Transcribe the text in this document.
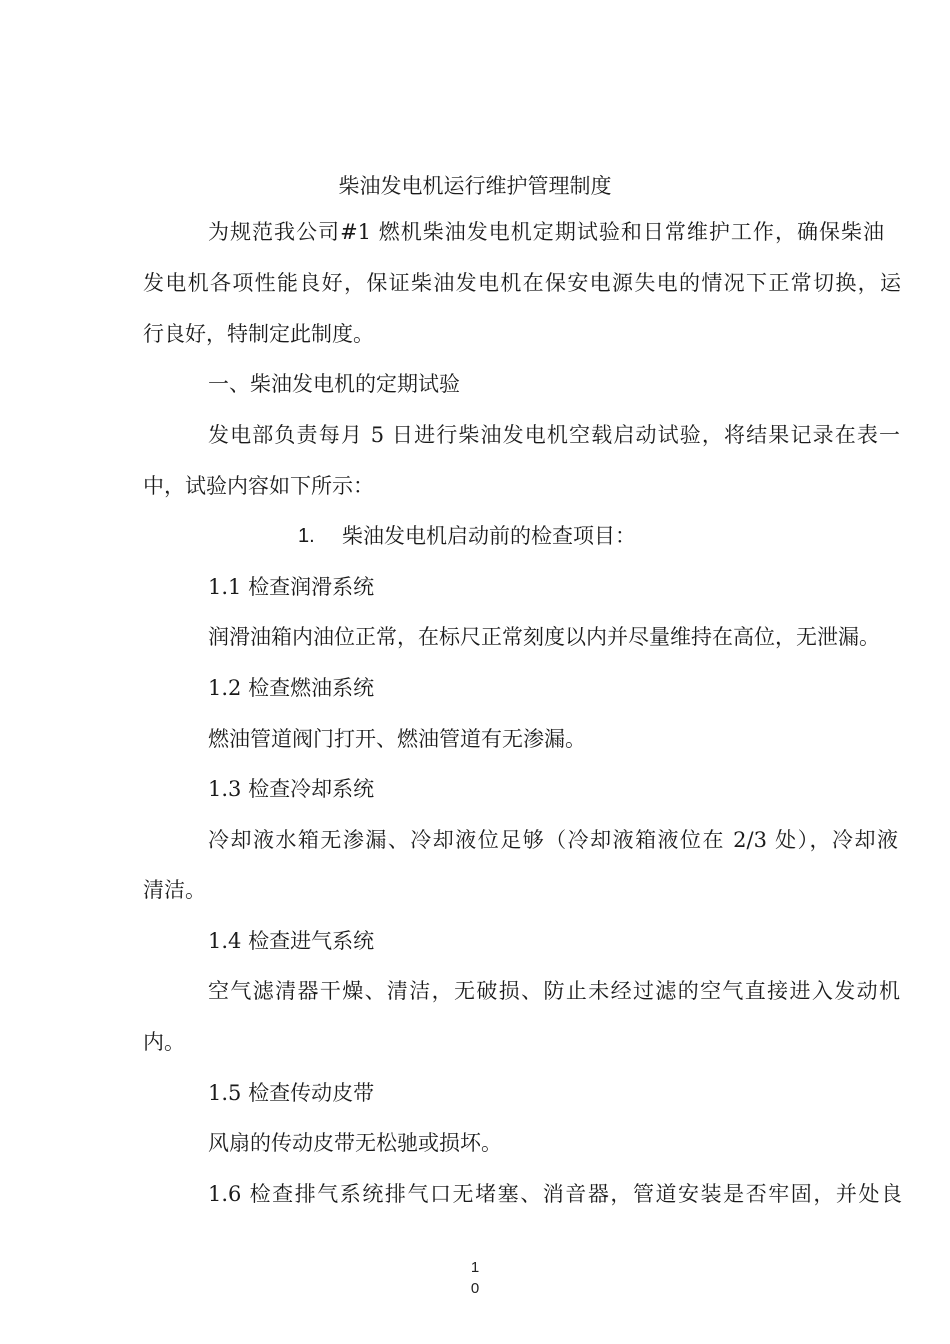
柴油发电机运行维护管理制度
为规范我公司#1 燃机柴油发电机定期试验和日常维护工作，确保柴油
发电机各项性能良好，保证柴油发电机在保安电源失电的情况下正常切换，运
行良好，特制定此制度。
一、柴油发电机的定期试验
发电部负责每月 5 日进行柴油发电机空载启动试验，将结果记录在表一
中，试验内容如下所示：
1. 柴油发电机启动前的检查项目：
1.1 检查润滑系统
润滑油箱内油位正常，在标尺正常刻度以内并尽量维持在高位，无泄漏。
1.2 检查燃油系统
燃油管道阀门打开、燃油管道有无渗漏。
1.3 检查冷却系统
冷却液水箱无渗漏、冷却液位足够（冷却液箱液位在 2/3 处），冷却液
清洁。
1.4 检查进气系统
空气滤清器干燥、清洁，无破损、防止未经过滤的空气直接进入发动机
内。
1.5 检查传动皮带
风扇的传动皮带无松驰或损坏。
1.6 检查排气系统排气口无堵塞、消音器，管道安装是否牢固，并处良
1
0
